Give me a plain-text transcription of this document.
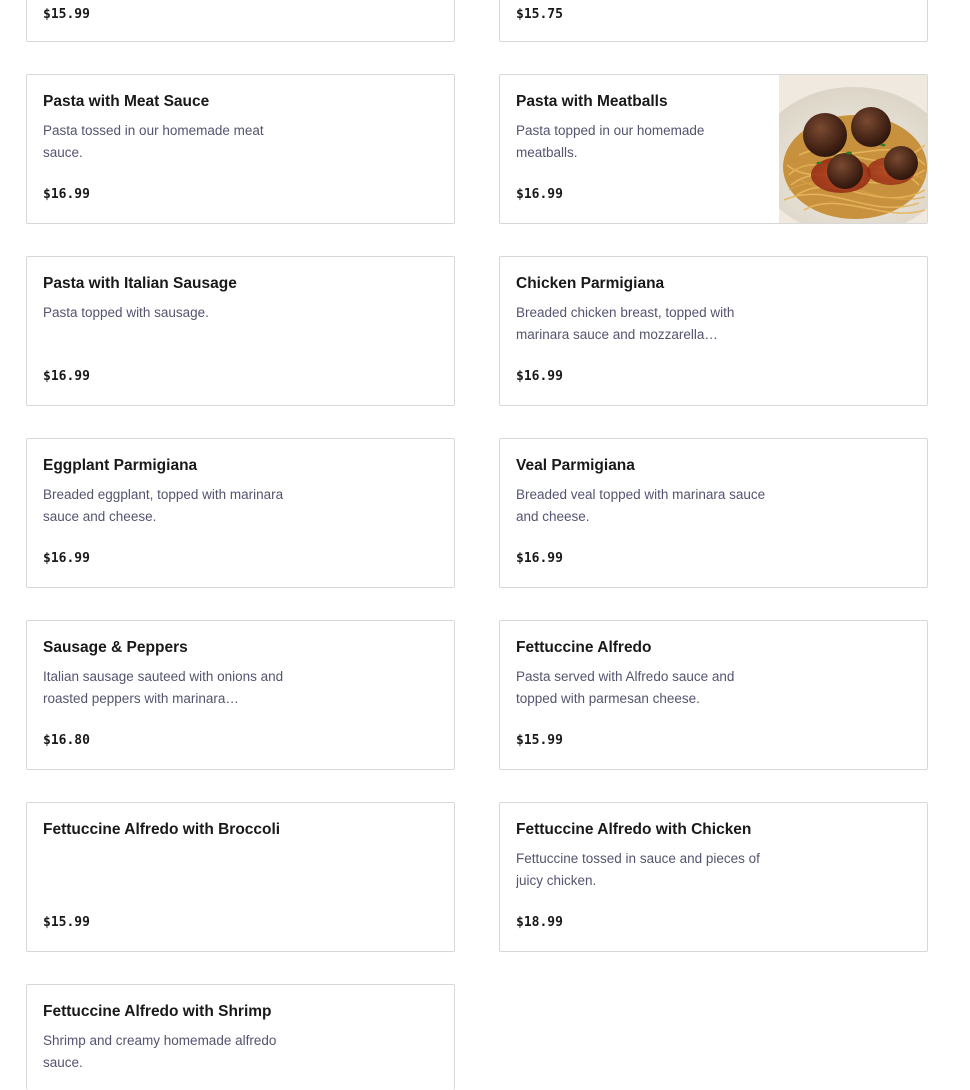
$15.99	$15.75
Pasta with Meat Sauce
Pasta tossed in our homemade meat sauce.
$16.99
Pasta with Meatballs
Pasta topped in our homemade meatballs.
$16.99
Pasta with Italian Sausage
Pasta topped with sausage.
$16.99
Chicken Parmigiana
Breaded chicken breast, topped with marinara sauce and mozzarella…
$16.99
Eggplant Parmigiana
Breaded eggplant, topped with marinara sauce and cheese.
$16.99
Veal Parmigiana
Breaded veal topped with marinara sauce and cheese.
$16.99
Sausage & Peppers
Italian sausage sauteed with onions and roasted peppers with marinara…
$16.80
Fettuccine Alfredo
Pasta served with Alfredo sauce and topped with parmesan cheese.
$15.99
Fettuccine Alfredo with Broccoli
$15.99
Fettuccine Alfredo with Chicken
Fettuccine tossed in sauce and pieces of juicy chicken.
$18.99
Fettuccine Alfredo with Shrimp
Shrimp and creamy homemade alfredo sauce.
